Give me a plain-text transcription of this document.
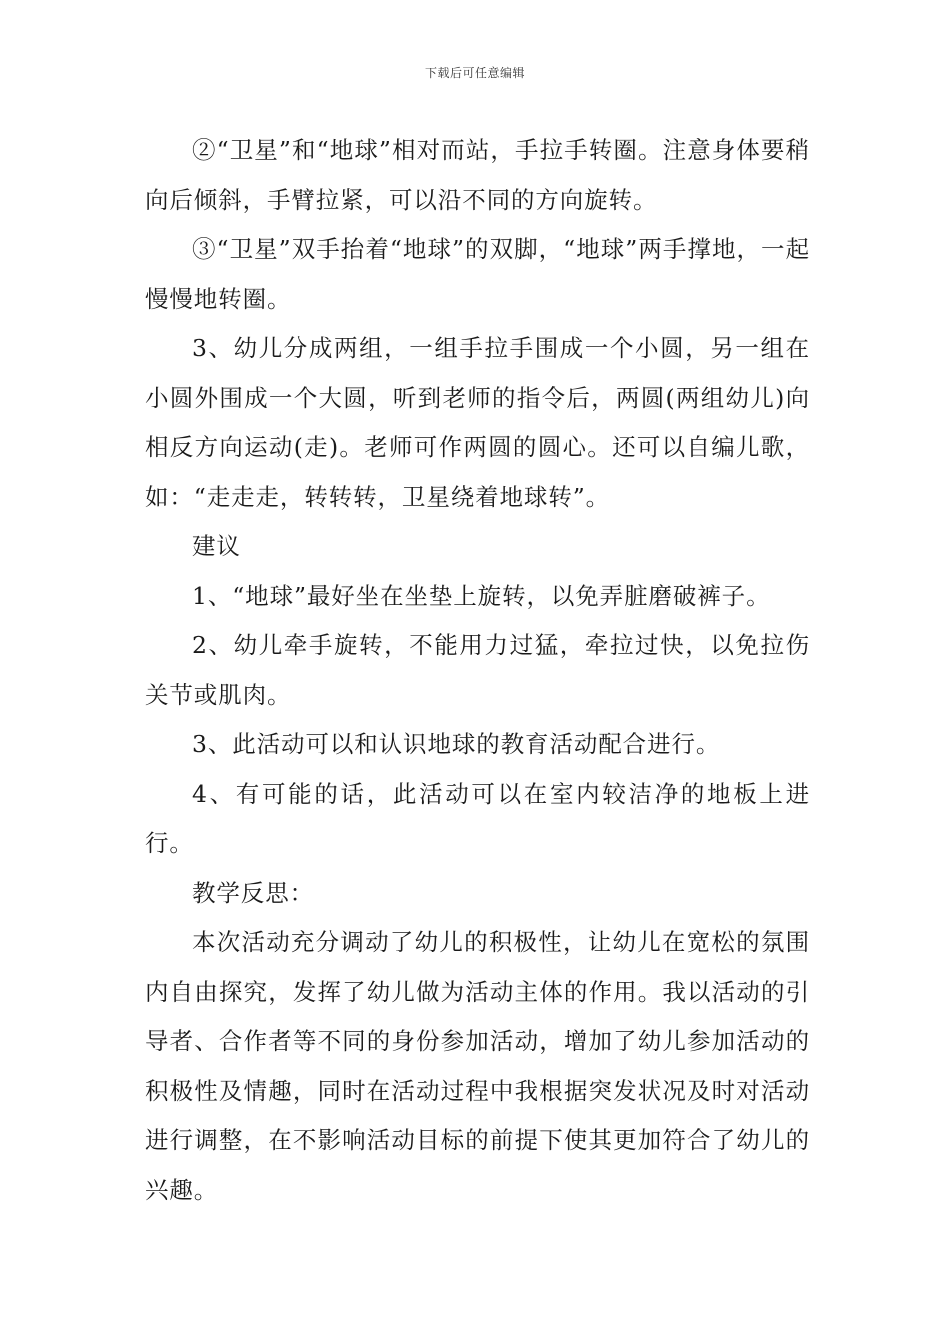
下载后可任意编辑

②“卫星”和“地球”相对而站，手拉手转圈。注意身体要稍向后倾斜，手臂拉紧，可以沿不同的方向旋转。

③“卫星”双手抬着“地球”的双脚，“地球”两手撑地，一起慢慢地转圈。

3、幼儿分成两组，一组手拉手围成一个小圆，另一组在小圆外围成一个大圆，听到老师的指令后，两圆(两组幼儿)向相反方向运动(走)。老师可作两圆的圆心。还可以自编儿歌，如：“走走走，转转转，卫星绕着地球转”。

建议

1、“地球”最好坐在坐垫上旋转，以免弄脏磨破裤子。

2、幼儿牵手旋转，不能用力过猛，牵拉过快，以免拉伤关节或肌肉。

3、此活动可以和认识地球的教育活动配合进行。

4、有可能的话，此活动可以在室内较洁净的地板上进行。

教学反思：

本次活动充分调动了幼儿的积极性，让幼儿在宽松的氛围内自由探究，发挥了幼儿做为活动主体的作用。我以活动的引导者、合作者等不同的身份参加活动，增加了幼儿参加活动的积极性及情趣，同时在活动过程中我根据突发状况及时对活动进行调整，在不影响活动目标的前提下使其更加符合了幼儿的兴趣。
